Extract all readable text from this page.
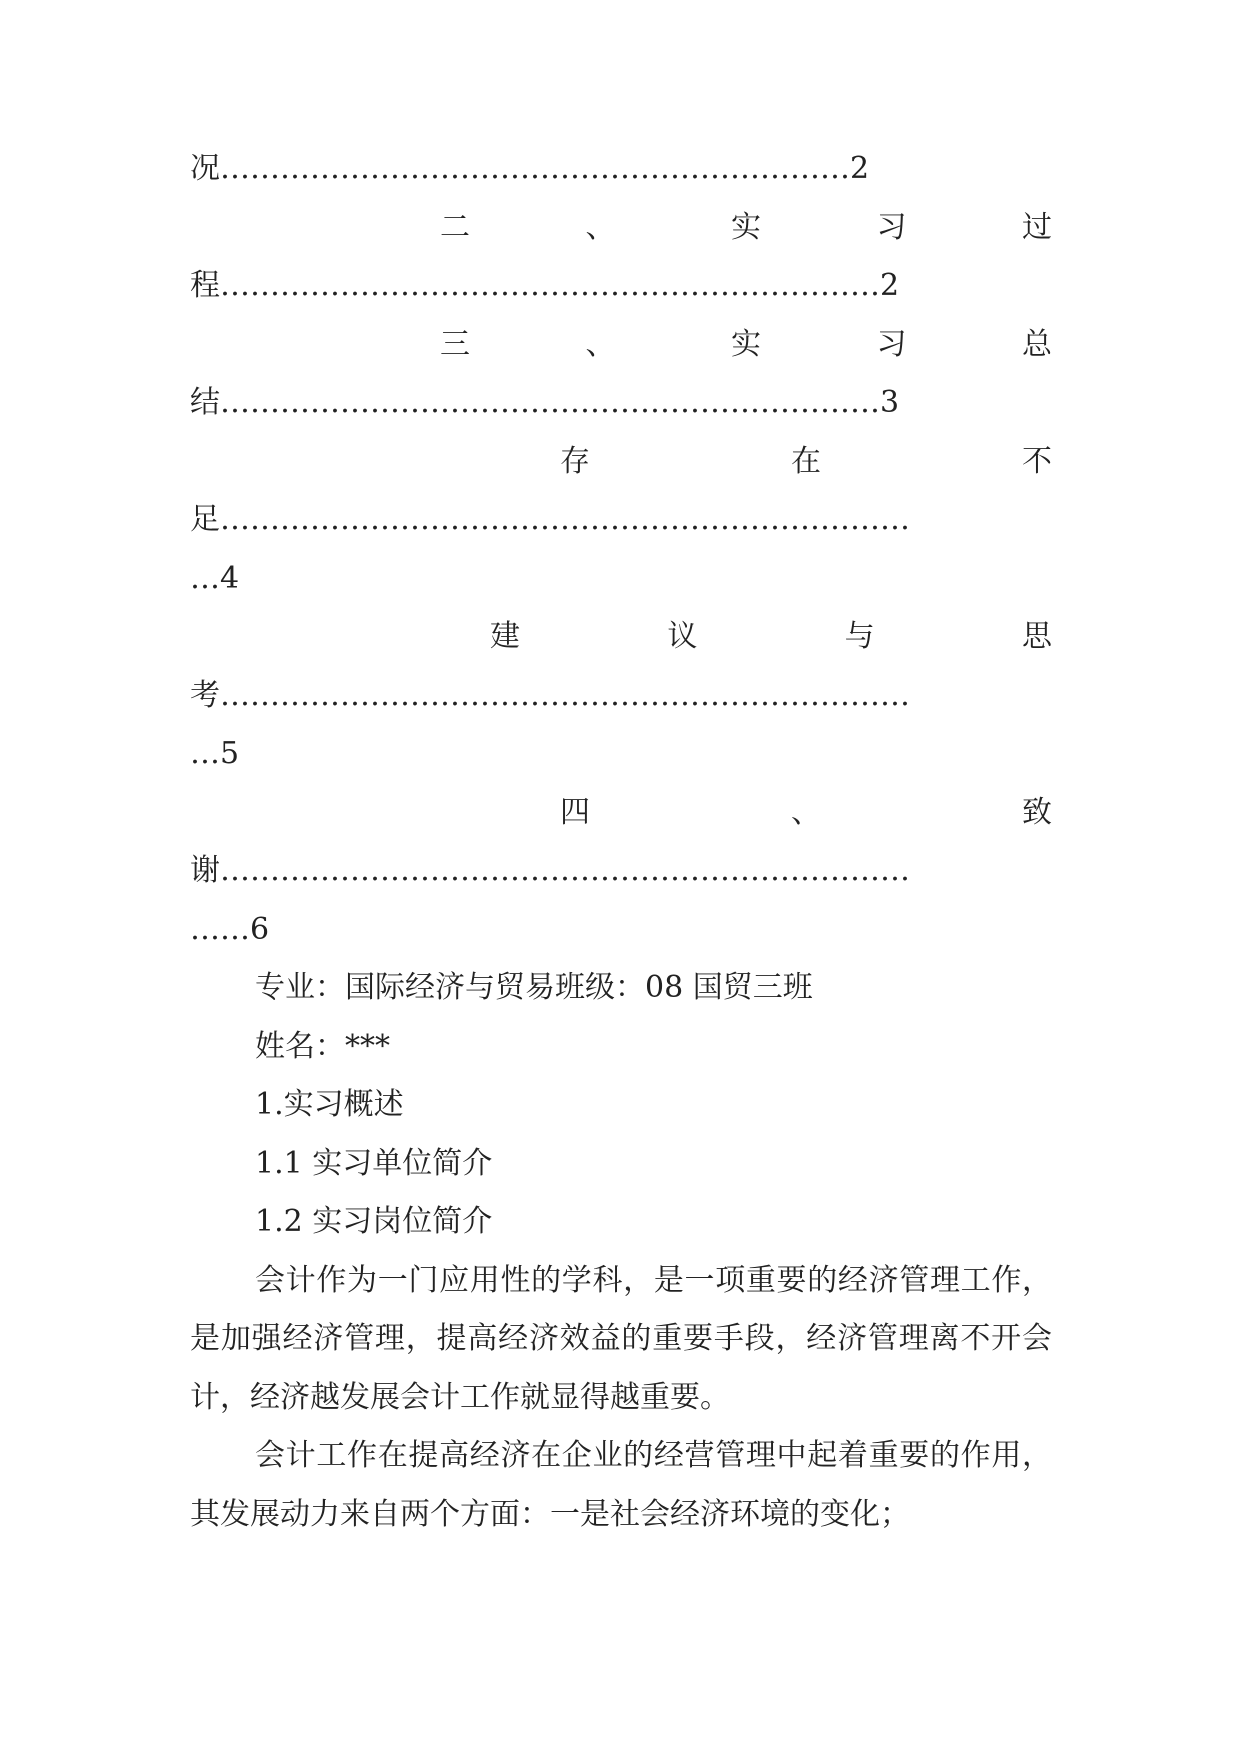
况………………………………………………………2
二	、	实	习	过
程…………………………………………………………2
三	、	实	习	总
结…………………………………………………………3
存	在	不
足……………………………………………………………
…4
建	议	与	思
考……………………………………………………………
…5
四	、	致
谢……………………………………………………………
……6
专业：国际经济与贸易班级：08 国贸三班
姓名：***
1.实习概述
1.1 实习单位简介
1.2 实习岗位简介
会计作为一门应用性的学科，是一项重要的经济管理工作，是加强经济管理，提高经济效益的重要手段，经济管理离不开会计，经济越发展会计工作就显得越重要。
会计工作在提高经济在企业的经营管理中起着重要的作用，其发展动力来自两个方面：一是社会经济环境的变化；
